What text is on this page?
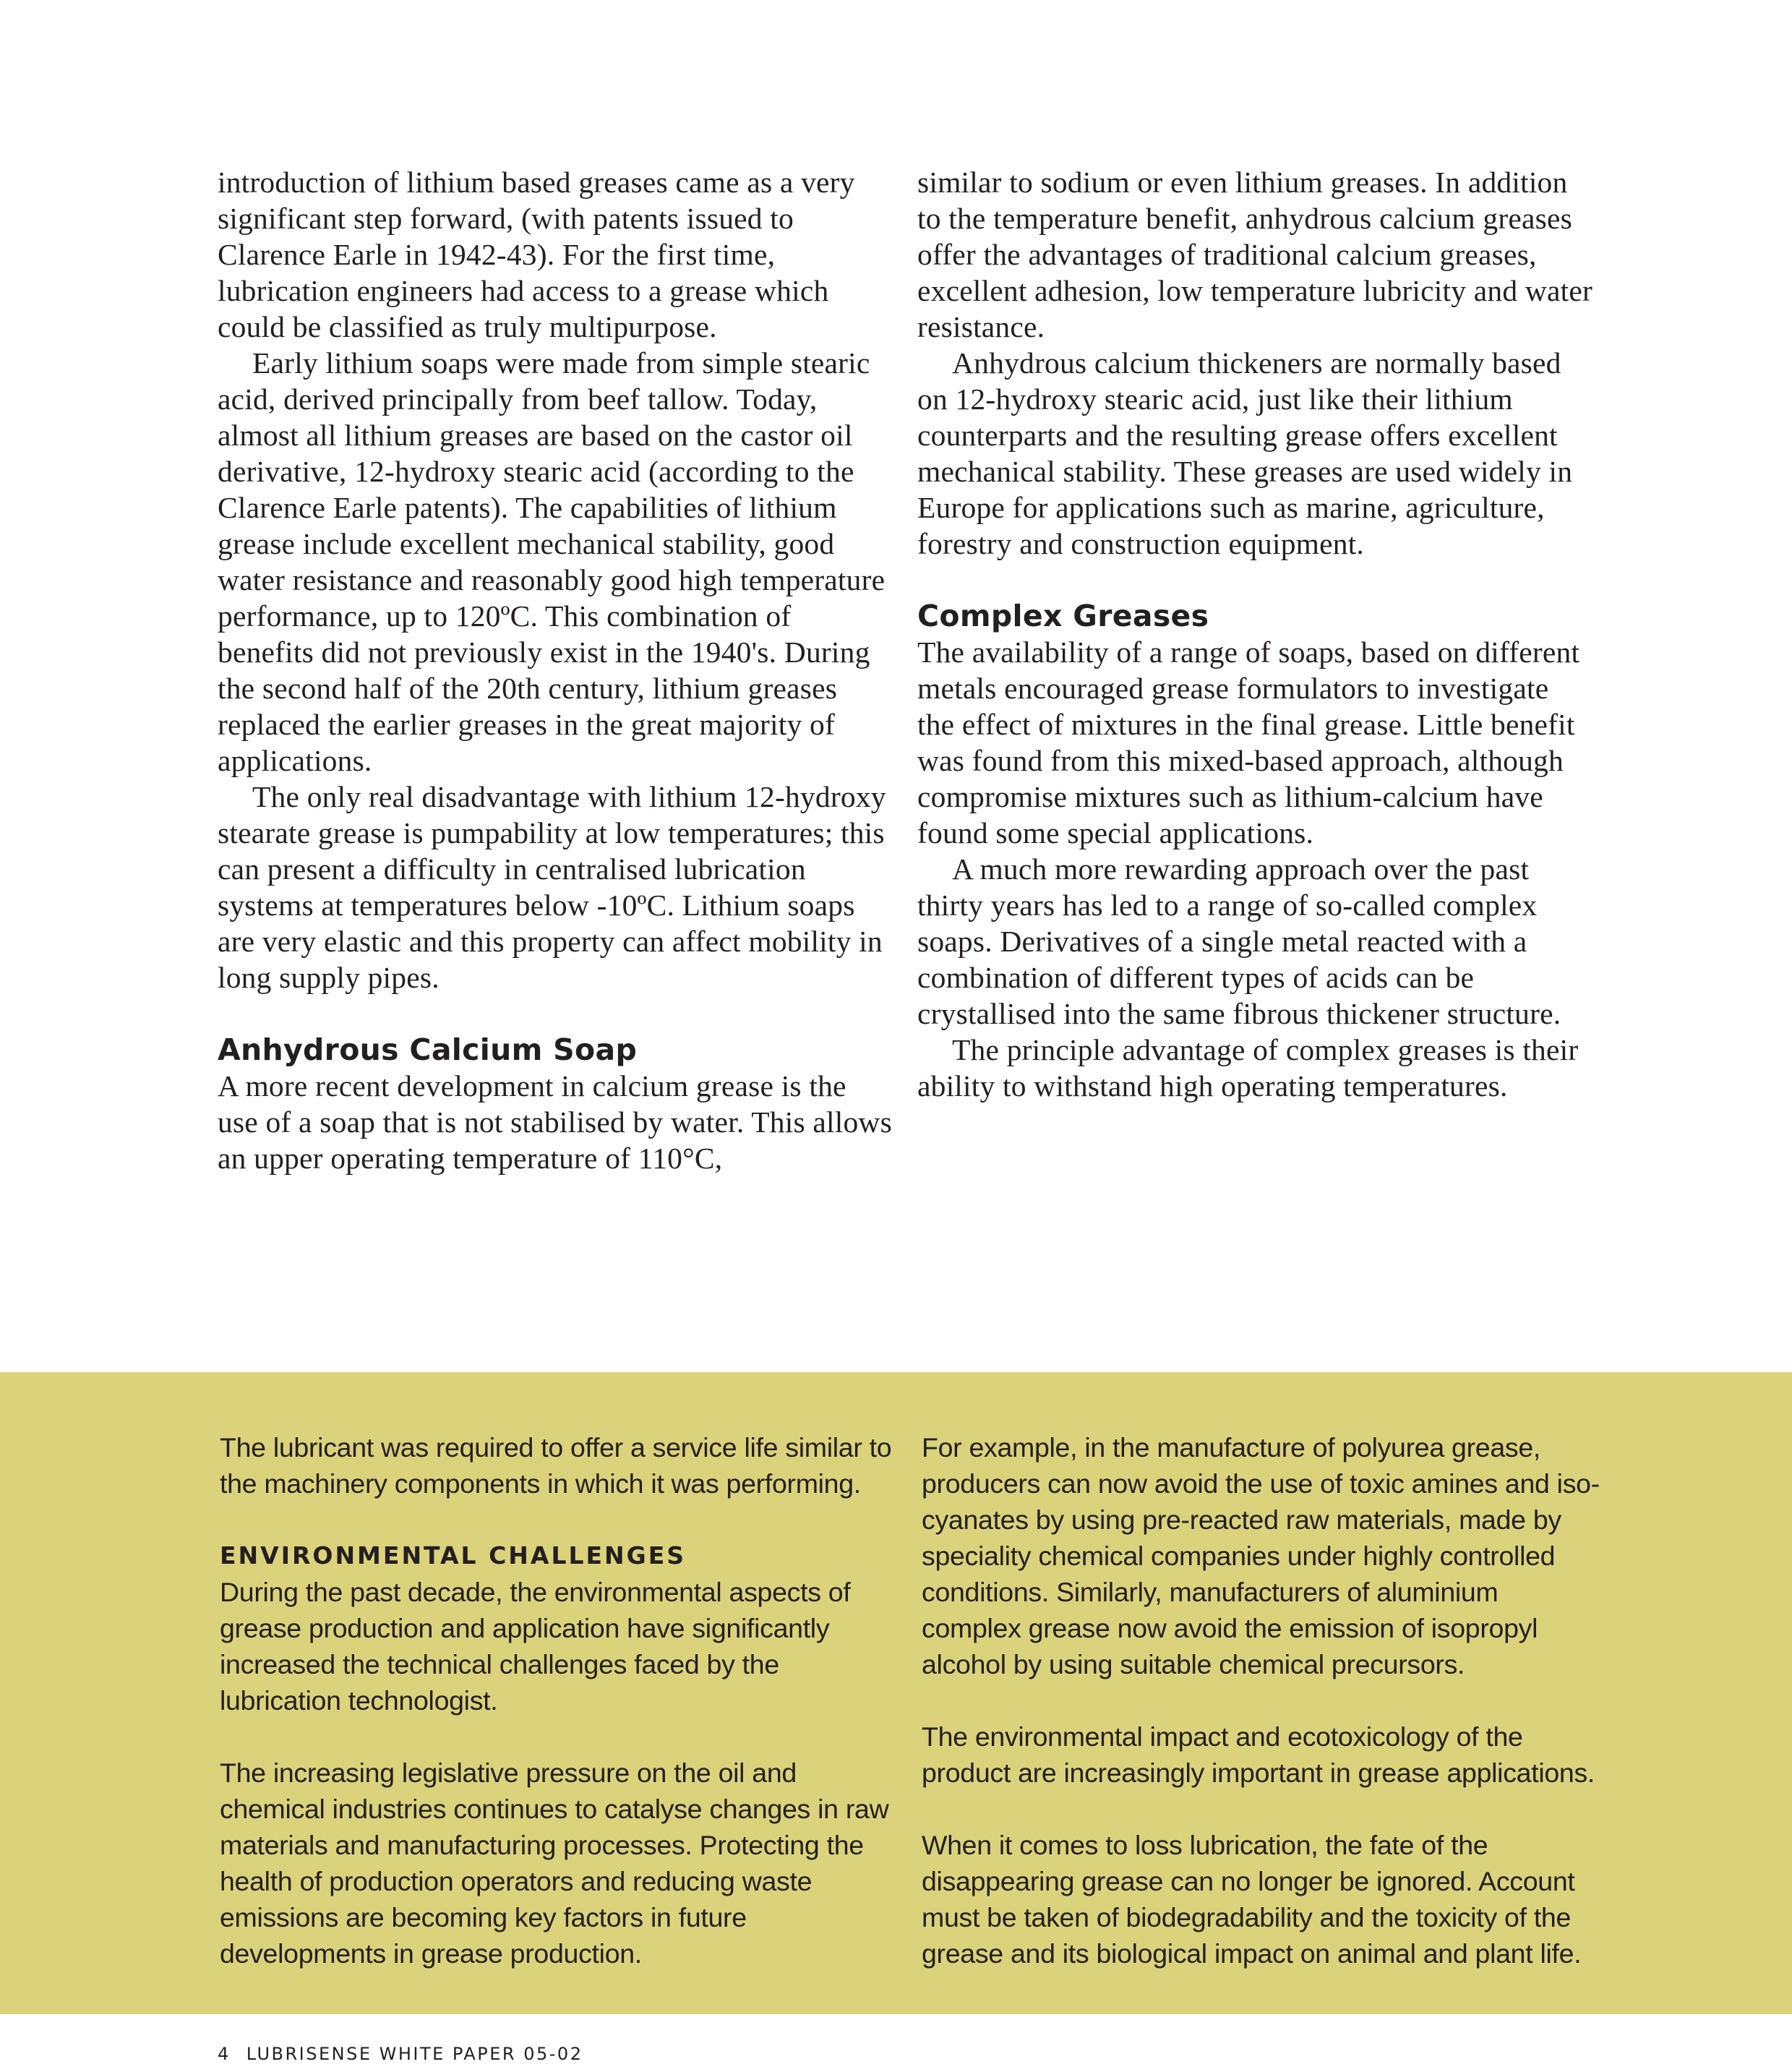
introduction of lithium based greases came as a very significant step forward, (with patents issued to Clarence Earle in 1942-43). For the first time, lubrication engineers had access to a grease which could be classified as truly multipurpose.

Early lithium soaps were made from simple stearic acid, derived principally from beef tallow. Today, almost all lithium greases are based on the castor oil derivative, 12-hydroxy stearic acid (according to the Clarence Earle patents). The capabilities of lithium grease include excellent mechanical stability, good water resistance and reasonably good high temperature performance, up to 120ºC. This combination of benefits did not previously exist in the 1940's. During the second half of the 20th century, lithium greases replaced the earlier greases in the great majority of applications.

The only real disadvantage with lithium 12-hydroxy stearate grease is pumpability at low temperatures; this can present a difficulty in centralised lubrication systems at temperatures below -10ºC. Lithium soaps are very elastic and this property can affect mobility in long supply pipes.

Anhydrous Calcium Soap

A more recent development in calcium grease is the use of a soap that is not stabilised by water. This allows an upper operating temperature of 110°C,

similar to sodium or even lithium greases. In addition to the temperature benefit, anhydrous calcium greases offer the advantages of traditional calcium greases, excellent adhesion, low temperature lubricity and water resistance.

Anhydrous calcium thickeners are normally based on 12-hydroxy stearic acid, just like their lithium counterparts and the resulting grease offers excellent mechanical stability. These greases are used widely in Europe for applications such as marine, agriculture, forestry and construction equipment.

Complex Greases

The availability of a range of soaps, based on different metals encouraged grease formulators to investigate the effect of mixtures in the final grease. Little benefit was found from this mixed-based approach, although compromise mixtures such as lithium-calcium have found some special applications.

A much more rewarding approach over the past thirty years has led to a range of so-called complex soaps. Derivatives of a single metal reacted with a combination of different types of acids can be crystallised into the same fibrous thickener structure.

The principle advantage of complex greases is their ability to withstand high operating temperatures.

The lubricant was required to offer a service life similar to the machinery components in which it was performing.

ENVIRONMENTAL CHALLENGES

During the past decade, the environmental aspects of grease production and application have significantly increased the technical challenges faced by the lubrication technologist.

The increasing legislative pressure on the oil and chemical industries continues to catalyse changes in raw materials and manufacturing processes. Protecting the health of production operators and reducing waste emissions are becoming key factors in future developments in grease production.

For example, in the manufacture of polyurea grease, producers can now avoid the use of toxic amines and iso-cyanates by using pre-reacted raw materials, made by speciality chemical companies under highly controlled conditions. Similarly, manufacturers of aluminium complex grease now avoid the emission of isopropyl alcohol by using suitable chemical precursors.

The environmental impact and ecotoxicology of the product are increasingly important in grease applications.

When it comes to loss lubrication, the fate of the disappearing grease can no longer be ignored. Account must be taken of biodegradability and the toxicity of the grease and its biological impact on animal and plant life.

4 LUBRISENSE WHITE PAPER 05-02
